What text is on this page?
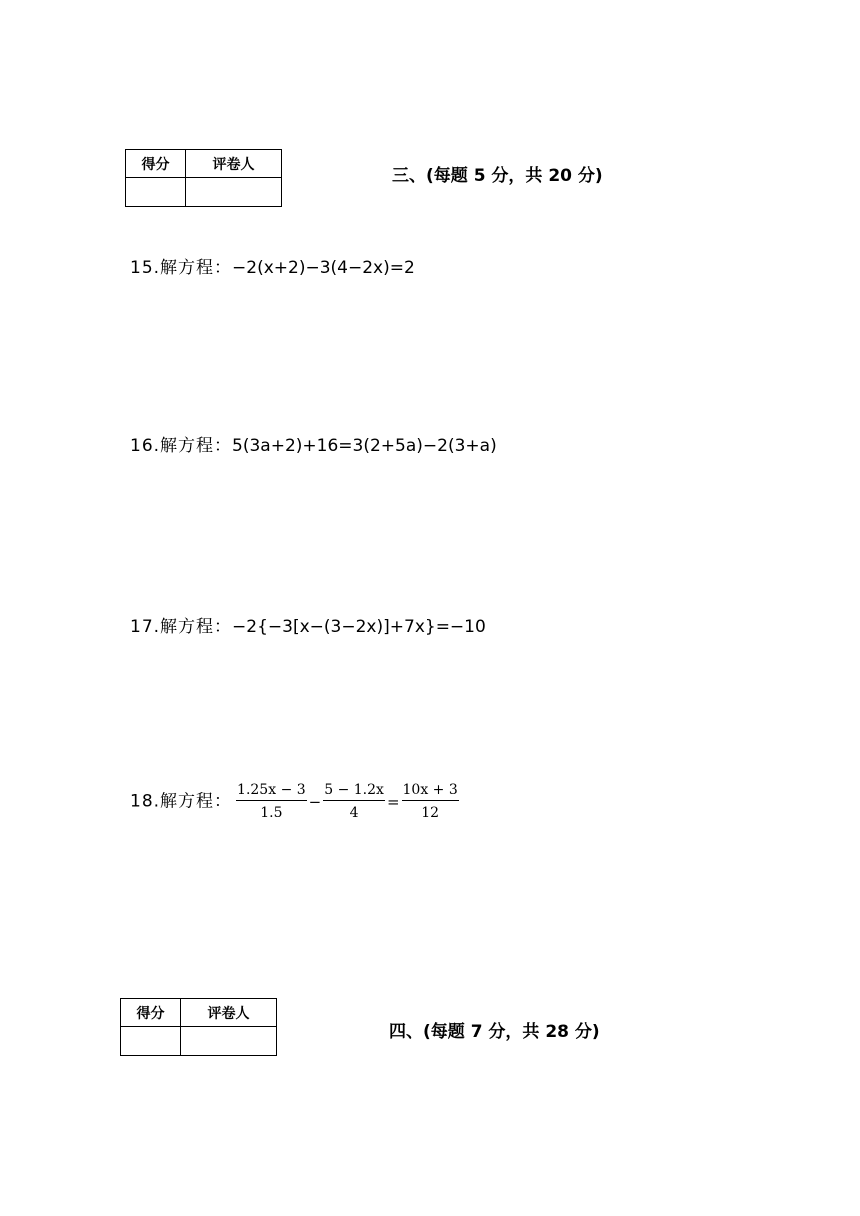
得分	评卷人

三、(每题 5 分，共 20 分)
15.解方程：−2(x+2)−3(4−2x)=2
16.解方程：5(3a+2)+16=3(2+5a)−2(3+a)
17.解方程：−2{−3[x−(3−2x)]+7x}=−10
18.解方程： $\frac{1.25x - 3}{1.5} - \frac{5 - 1.2x}{4} = \frac{10x + 3}{12}$
得分	评卷人

四、(每题 7 分，共 28 分)
